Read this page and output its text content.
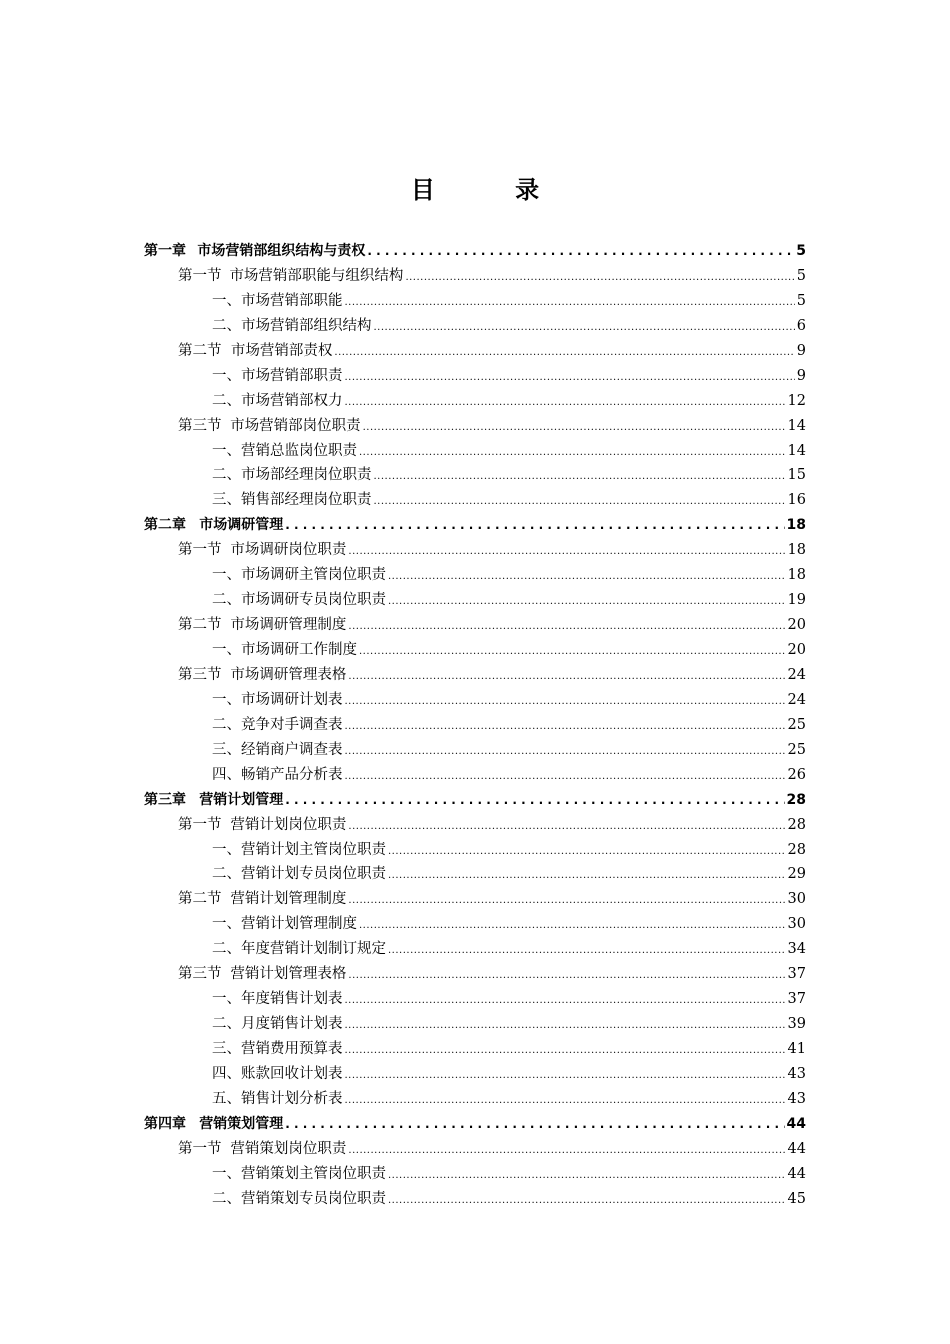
目 录
第一章 市场营销部组织结构与责权 . . .	5
第一节 市场营销部职能与组织结构 .....	5
一、 市场营销部职能 .....	5
二、 市场营销部组织结构 .....	6
第二节 市场营销部责权 .....	9
一、 市场营销部职责 .....	9
二、 市场营销部权力 .....	12
第三节 市场营销部岗位职责 .....	14
一、 营销总监岗位职责 .....	14
二、 市场部经理岗位职责 .....	15
三、 销售部经理岗位职责 .....	16
第二章 市场调研管理 . . .	18
第一节 市场调研岗位职责 .....	18
一、 市场调研主管岗位职责 .....	18
二、 市场调研专员岗位职责 .....	19
第二节 市场调研管理制度 .....	20
一、 市场调研工作制度 .....	20
第三节 市场调研管理表格 .....	24
一、 市场调研计划表 .....	24
二、 竞争对手调查表 .....	25
三、 经销商户调查表 .....	25
四、 畅销产品分析表 .....	26
第三章 营销计划管理 . . .	28
第一节 营销计划岗位职责 .....	28
一、 营销计划主管岗位职责 .....	28
二、 营销计划专员岗位职责 .....	29
第二节 营销计划管理制度 .....	30
一、 营销计划管理制度 .....	30
二、 年度营销计划制订规定 .....	34
第三节 营销计划管理表格 .....	37
一、 年度销售计划表 .....	37
二、 月度销售计划表 .....	39
三、 营销费用预算表 .....	41
四、 账款回收计划表 .....	43
五、 销售计划分析表 .....	43
第四章 营销策划管理 . . .	44
第一节 营销策划岗位职责 .....	44
一、 营销策划主管岗位职责 .....	44
二、 营销策划专员岗位职责 .....	45
